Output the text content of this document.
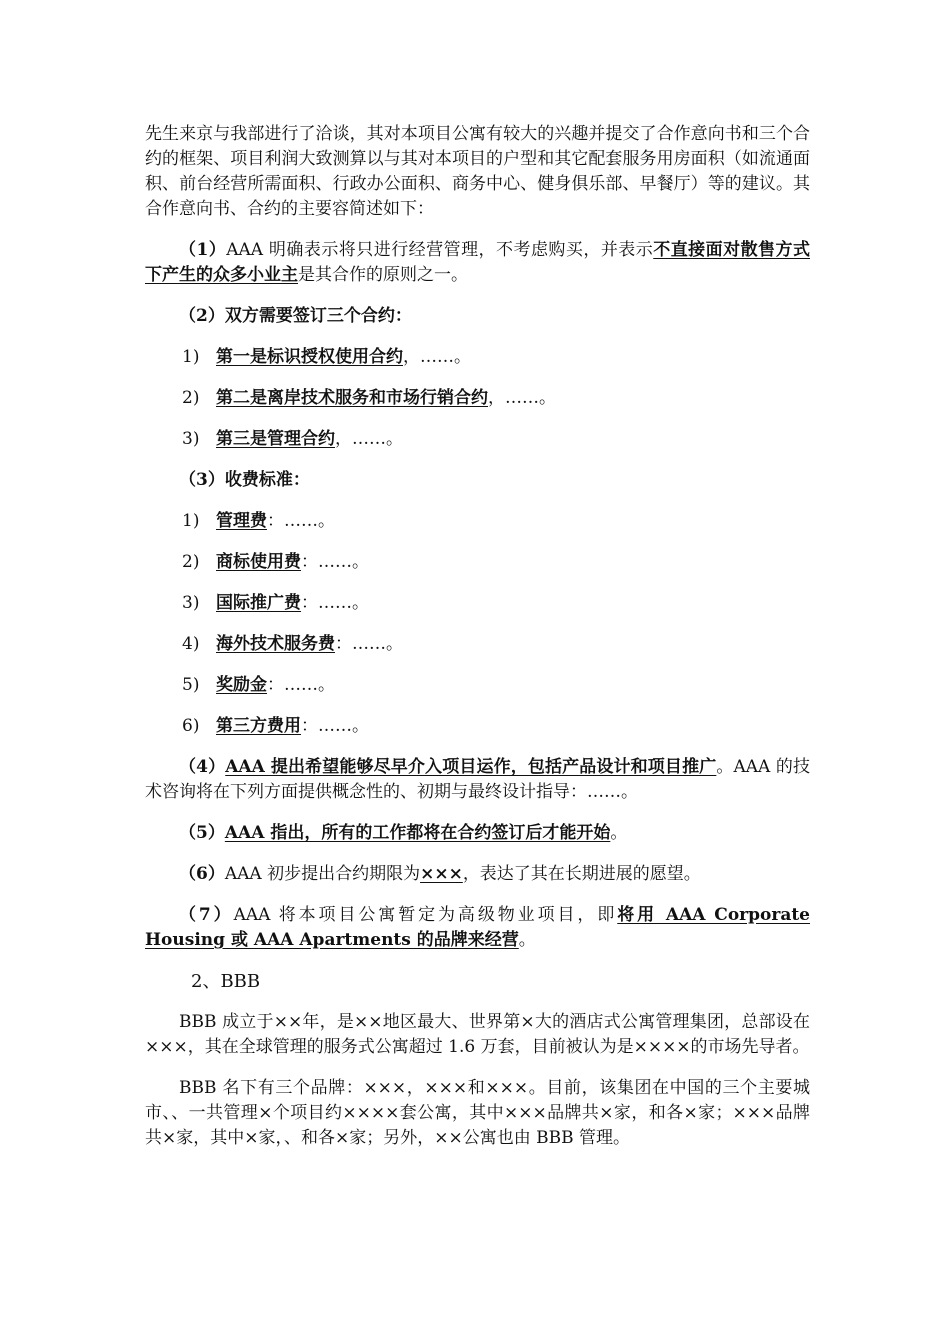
先生来京与我部进行了洽谈，其对本项目公寓有较大的兴趣并提交了合作意向书和三个合约的框架、项目利润大致测算以与其对本项目的户型和其它配套服务用房面积（如流通面积、前台经营所需面积、行政办公面积、商务中心、健身俱乐部、早餐厅）等的建议。其合作意向书、合约的主要容简述如下：

（1）AAA 明确表示将只进行经营管理，不考虑购买，并表示不直接面对散售方式下产生的众多小业主是其合作的原则之一。

（2）双方需要签订三个合约：

1) 第一是标识授权使用合约，……。
2) 第二是离岸技术服务和市场行销合约，……。
3) 第三是管理合约，……。

（3）收费标准：

1) 管理费：……。
2) 商标使用费：……。
3) 国际推广费：……。
4) 海外技术服务费：……。
5) 奖励金：……。
6) 第三方费用：……。

（4）AAA 提出希望能够尽早介入项目运作，包括产品设计和项目推广。AAA 的技术咨询将在下列方面提供概念性的、初期与最终设计指导：……。

（5）AAA 指出，所有的工作都将在合约签订后才能开始。

（6）AAA 初步提出合约期限为×××，表达了其在长期进展的愿望。

（7）AAA 将本项目公寓暂定为高级物业项目，即将用 AAA Corporate Housing 或 AAA Apartments 的品牌来经营。

2、BBB

BBB 成立于××年，是××地区最大、世界第×大的酒店式公寓管理集团，总部设在×××，其在全球管理的服务式公寓超过 1.6 万套，目前被认为是××××的市场先导者。

BBB 名下有三个品牌：×××，×××和×××。目前，该集团在中国的三个主要城市、、一共管理×个项目约××××套公寓，其中×××品牌共×家，和各×家；×××品牌共×家，其中×家，、和各×家；另外，××公寓也由 BBB 管理。
